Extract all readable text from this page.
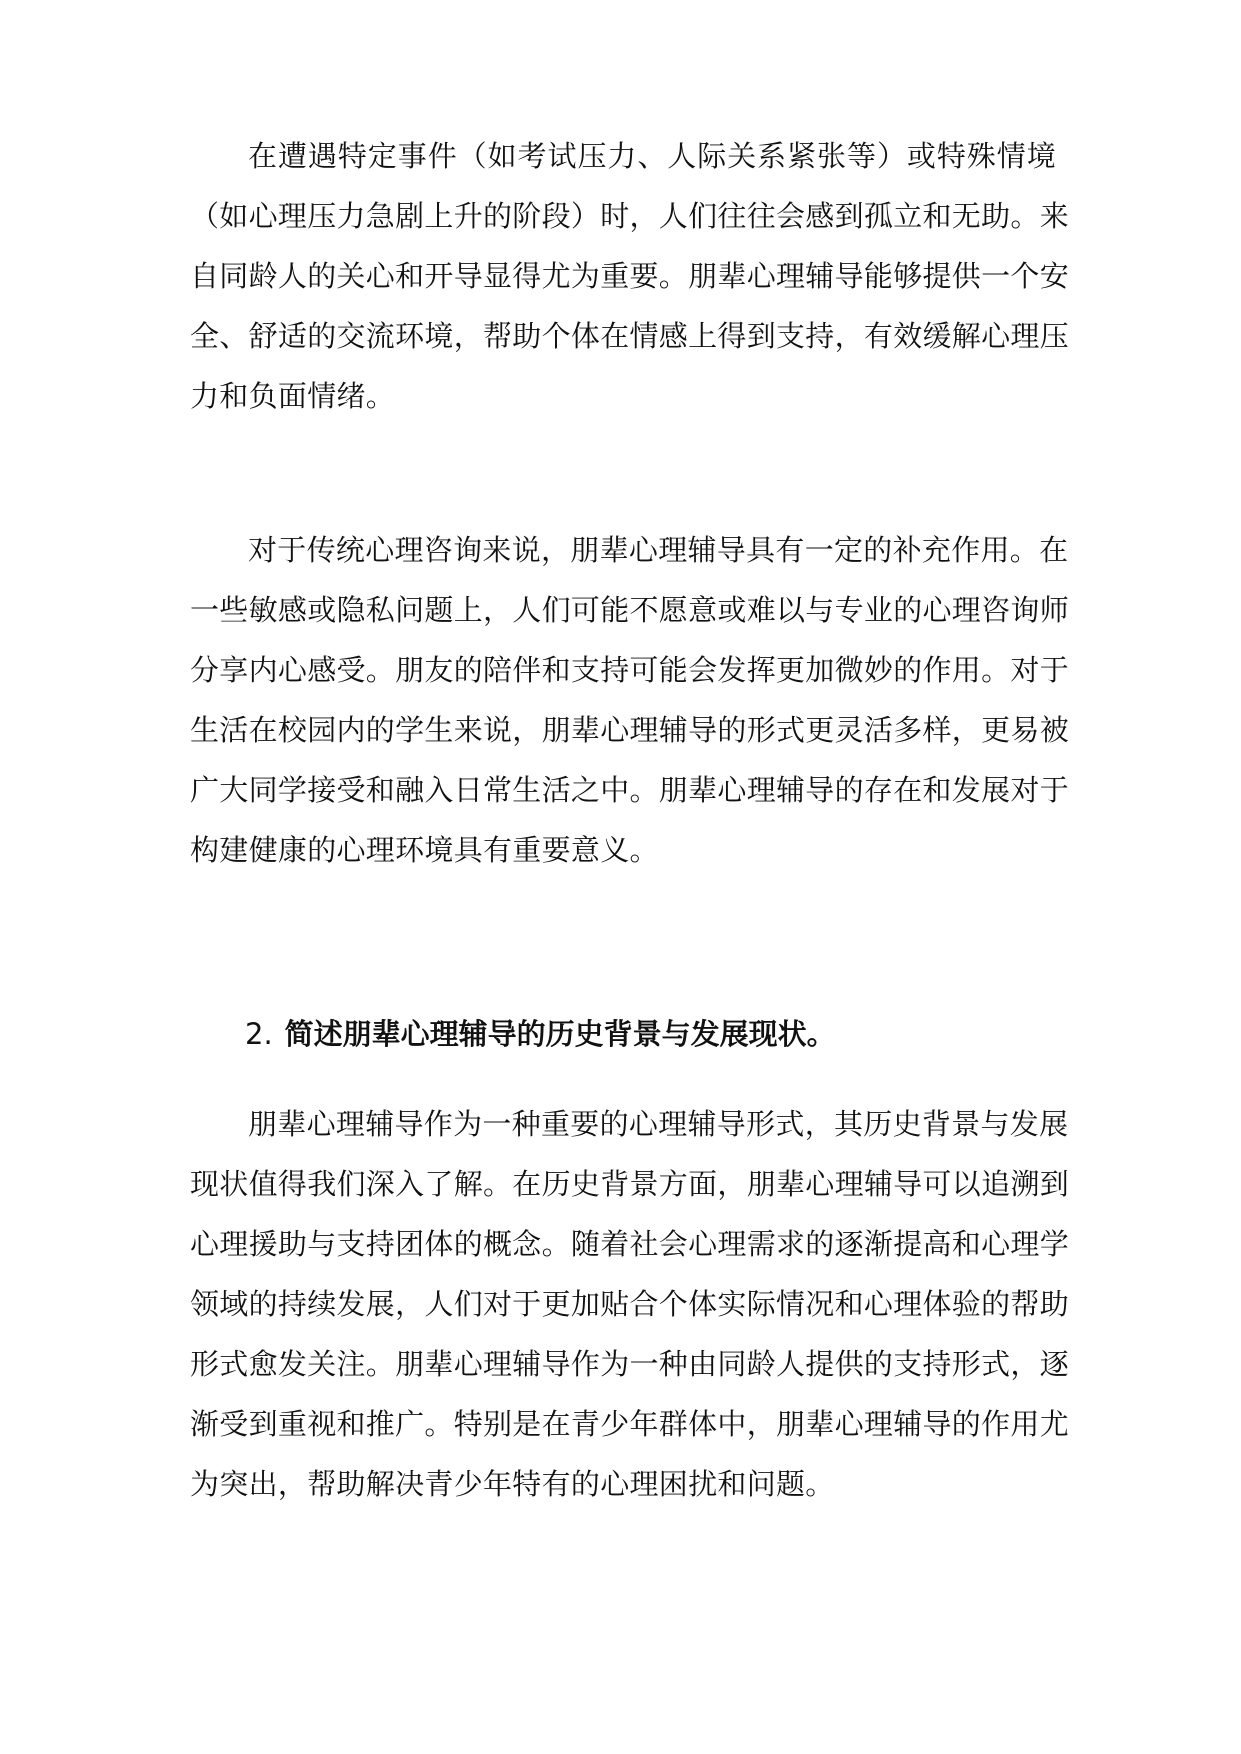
在遭遇特定事件（如考试压力、人际关系紧张等）或特殊情境
（如心理压力急剧上升的阶段）时，人们往往会感到孤立和无助。来
自同龄人的关心和开导显得尤为重要。朋辈心理辅导能够提供一个安
全、舒适的交流环境，帮助个体在情感上得到支持，有效缓解心理压
力和负面情绪。
对于传统心理咨询来说，朋辈心理辅导具有一定的补充作用。在
一些敏感或隐私问题上，人们可能不愿意或难以与专业的心理咨询师
分享内心感受。朋友的陪伴和支持可能会发挥更加微妙的作用。对于
生活在校园内的学生来说，朋辈心理辅导的形式更灵活多样，更易被
广大同学接受和融入日常生活之中。朋辈心理辅导的存在和发展对于
构建健康的心理环境具有重要意义。
2. 简述朋辈心理辅导的历史背景与发展现状。
朋辈心理辅导作为一种重要的心理辅导形式，其历史背景与发展
现状值得我们深入了解。在历史背景方面，朋辈心理辅导可以追溯到
心理援助与支持团体的概念。随着社会心理需求的逐渐提高和心理学
领域的持续发展，人们对于更加贴合个体实际情况和心理体验的帮助
形式愈发关注。朋辈心理辅导作为一种由同龄人提供的支持形式，逐
渐受到重视和推广。特别是在青少年群体中，朋辈心理辅导的作用尤
为突出，帮助解决青少年特有的心理困扰和问题。
